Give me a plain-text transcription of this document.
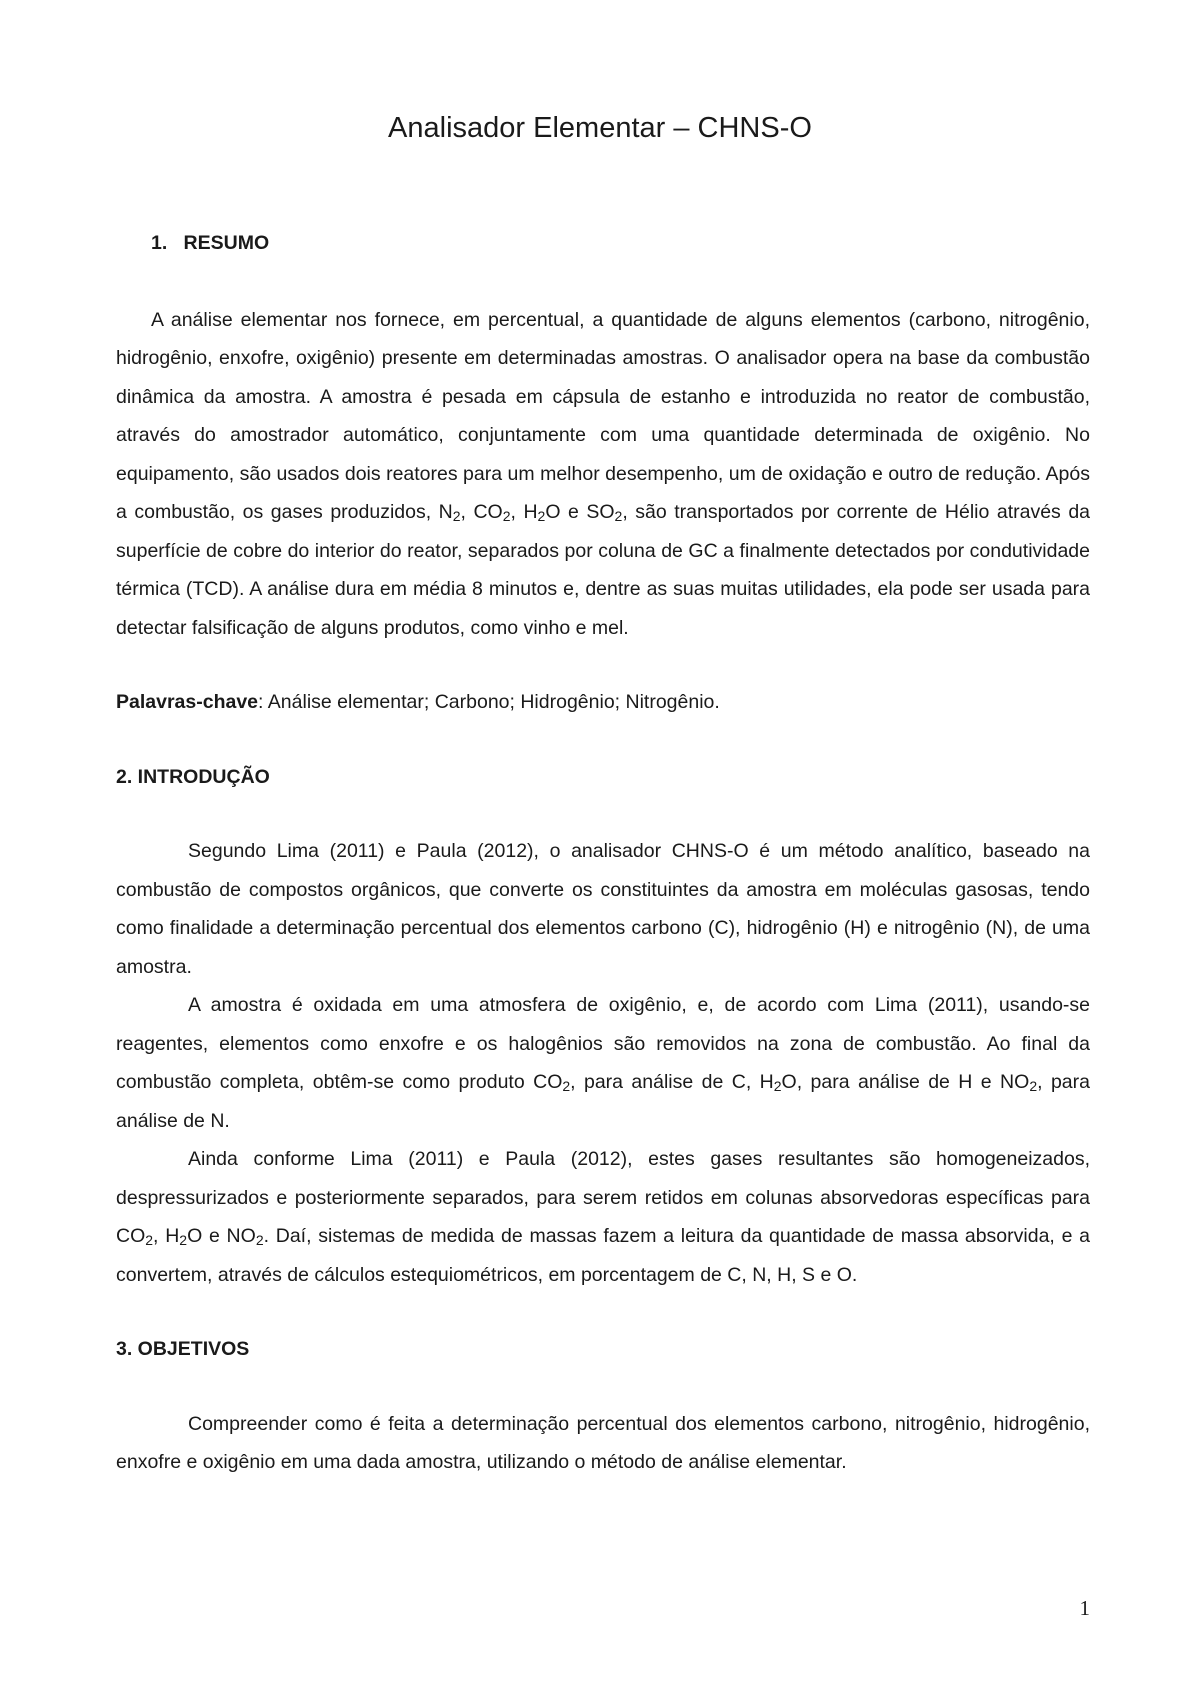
Analisador Elementar – CHNS-O
1. RESUMO

A análise elementar nos fornece, em percentual, a quantidade de alguns elementos (carbono, nitrogênio, hidrogênio, enxofre, oxigênio) presente em determinadas amostras. O analisador opera na base da combustão dinâmica da amostra. A amostra é pesada em cápsula de estanho e introduzida no reator de combustão, através do amostrador automático, conjuntamente com uma quantidade determinada de oxigênio. No equipamento, são usados dois reatores para um melhor desempenho, um de oxidação e outro de redução. Após a combustão, os gases produzidos, $N_2$, $CO_2$, $H_2O$ e $SO_2$, são transportados por corrente de Hélio através da superfície de cobre do interior do reator, separados por coluna de GC a finalmente detectados por condutividade térmica (TCD). A análise dura em média 8 minutos e, dentre as suas muitas utilidades, ela pode ser usada para detectar falsificação de alguns produtos, como vinho e mel.

Palavras-chave: Análise elementar; Carbono; Hidrogênio; Nitrogênio.

2. INTRODUÇÃO

Segundo Lima (2011) e Paula (2012), o analisador CHNS-O é um método analítico, baseado na combustão de compostos orgânicos, que converte os constituintes da amostra em moléculas gasosas, tendo como finalidade a determinação percentual dos elementos carbono (C), hidrogênio (H) e nitrogênio (N), de uma amostra.

A amostra é oxidada em uma atmosfera de oxigênio, e, de acordo com Lima (2011), usando-se reagentes, elementos como enxofre e os halogênios são removidos na zona de combustão. Ao final da combustão completa, obtêm-se como produto $CO_2$, para análise de C, $H_2O$, para análise de H e $NO_2$, para análise de N.

Ainda conforme Lima (2011) e Paula (2012), estes gases resultantes são homogeneizados, despressurizados e posteriormente separados, para serem retidos em colunas absorvedoras específicas para $CO_2$, $H_2O$ e $NO_2$. Daí, sistemas de medida de massas fazem a leitura da quantidade de massa absorvida, e a convertem, através de cálculos estequiométricos, em porcentagem de C, N, H, S e O.

3. OBJETIVOS

Compreender como é feita a determinação percentual dos elementos carbono, nitrogênio, hidrogênio, enxofre e oxigênio em uma dada amostra, utilizando o método de análise elementar.

1
